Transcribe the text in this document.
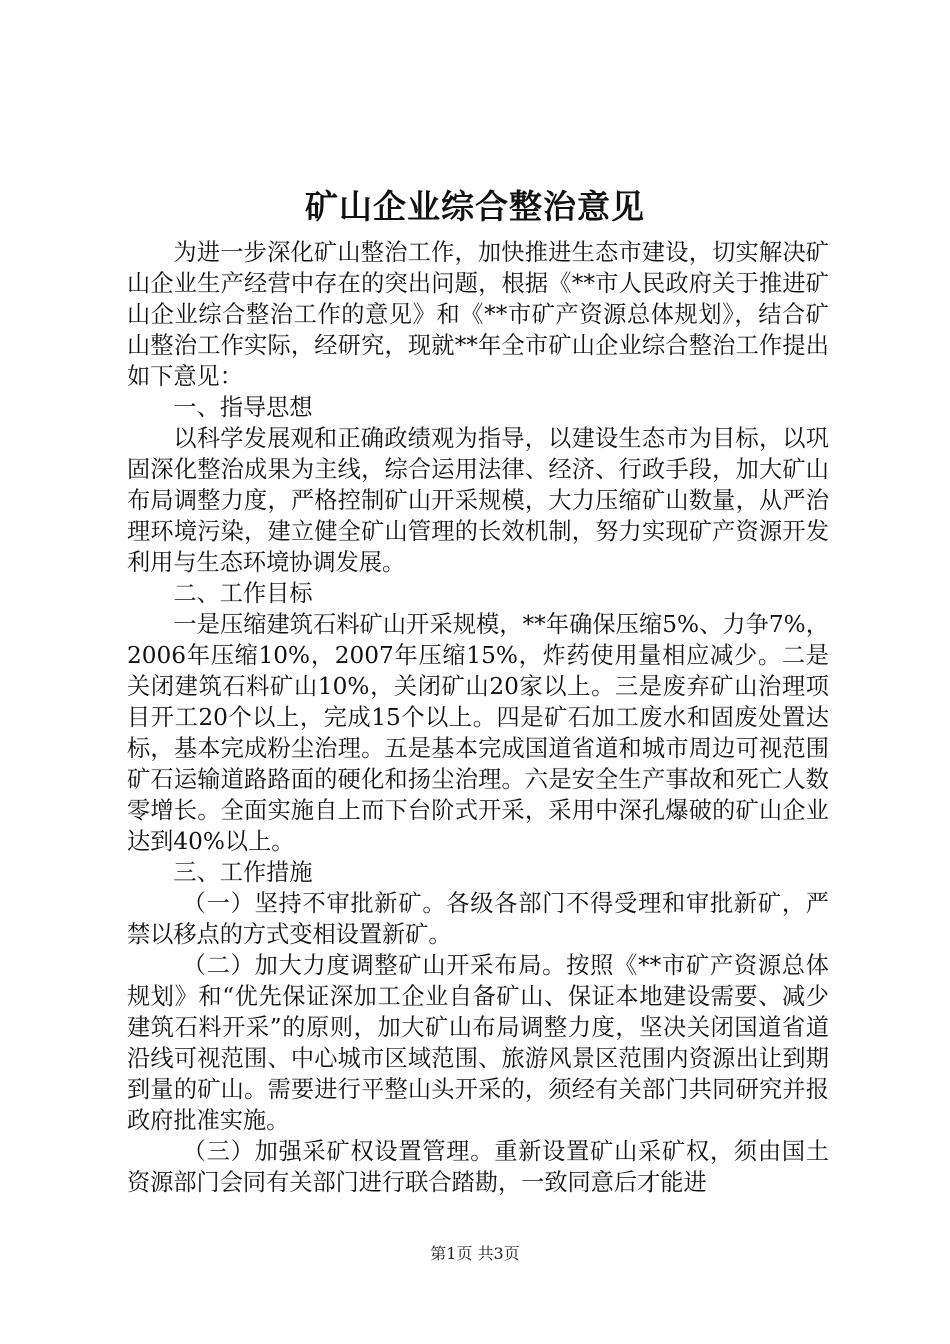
矿山企业综合整治意见

为进一步深化矿山整治工作，加快推进生态市建设，切实解决矿山企业生产经营中存在的突出问题，根据《**市人民政府关于推进矿山企业综合整治工作的意见》和《**市矿产资源总体规划》，结合矿山整治工作实际，经研究，现就**年全市矿山企业综合整治工作提出如下意见：

一、指导思想

以科学发展观和正确政绩观为指导，以建设生态市为目标，以巩固深化整治成果为主线，综合运用法律、经济、行政手段，加大矿山布局调整力度，严格控制矿山开采规模，大力压缩矿山数量，从严治理环境污染，建立健全矿山管理的长效机制，努力实现矿产资源开发利用与生态环境协调发展。

二、工作目标

一是压缩建筑石料矿山开采规模，**年确保压缩5%、力争7%，2006年压缩10%，2007年压缩15%，炸药使用量相应减少。二是关闭建筑石料矿山10%，关闭矿山20家以上。三是废弃矿山治理项目开工20个以上，完成15个以上。四是矿石加工废水和固废处置达标，基本完成粉尘治理。五是基本完成国道省道和城市周边可视范围矿石运输道路路面的硬化和扬尘治理。六是安全生产事故和死亡人数零增长。全面实施自上而下台阶式开采，采用中深孔爆破的矿山企业达到40%以上。

三、工作措施

（一）坚持不审批新矿。各级各部门不得受理和审批新矿，严禁以移点的方式变相设置新矿。

（二）加大力度调整矿山开采布局。按照《**市矿产资源总体规划》和“优先保证深加工企业自备矿山、保证本地建设需要、减少建筑石料开采”的原则，加大矿山布局调整力度，坚决关闭国道省道沿线可视范围、中心城市区域范围、旅游风景区范围内资源出让到期到量的矿山。需要进行平整山头开采的，须经有关部门共同研究并报政府批准实施。

（三）加强采矿权设置管理。重新设置矿山采矿权，须由国土资源部门会同有关部门进行联合踏勘，一致同意后才能进

第1页 共3页
